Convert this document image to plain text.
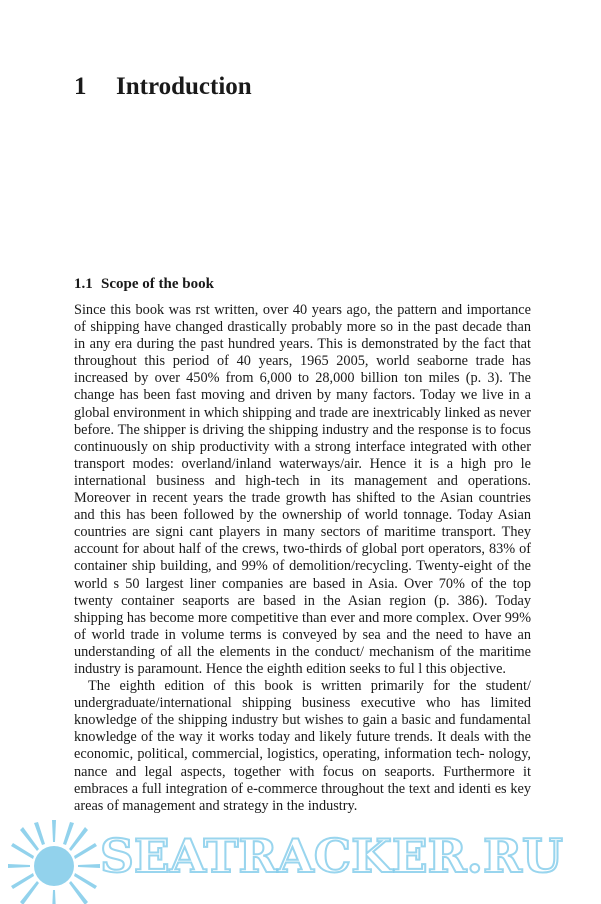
1 Introduction
1.1 Scope of the book

Since this book was rst written, over 40 years ago, the pattern and importance of shipping have changed drastically probably more so in the past decade than in any era during the past hundred years. This is demonstrated by the fact that throughout this period of 40 years, 1965 2005, world seaborne trade has increased by over 450% from 6,000 to 28,000 billion ton miles (p. 3). The change has been fast moving and driven by many factors. Today we live in a global environment in which shipping and trade are inextricably linked as never before. The shipper is driving the shipping industry and the response is to focus continuously on ship productivity with a strong interface integrated with other transport modes: overland/inland waterways/air. Hence it is a high pro le international business and high-tech in its management and operations. Moreover in recent years the trade growth has shifted to the Asian countries and this has been followed by the ownership of world tonnage. Today Asian countries are signi cant players in many sectors of maritime transport. They account for about half of the crews, two-thirds of global port operators, 83% of container ship building, and 99% of demolition/recycling. Twenty-eight of the world s 50 largest liner companies are based in Asia. Over 70% of the top twenty container seaports are based in the Asian region (p. 386). Today shipping has become more competitive than ever and more complex. Over 99% of world trade in volume terms is conveyed by sea and the need to have an understanding of all the elements in the conduct/ mechanism of the maritime industry is paramount. Hence the eighth edition seeks to ful l this objective.

The eighth edition of this book is written primarily for the student/ undergraduate/international shipping business executive who has limited knowledge of the shipping industry but wishes to gain a basic and fundamental knowledge of the way it works today and likely future trends. It deals with the economic, political, commercial, logistics, operating, information tech- nology, nance and legal aspects, together with focus on seaports. Furthermore it embraces a full integration of e-commerce throughout the text and identi es key areas of management and strategy in the industry.

SEATRACKER.RU
